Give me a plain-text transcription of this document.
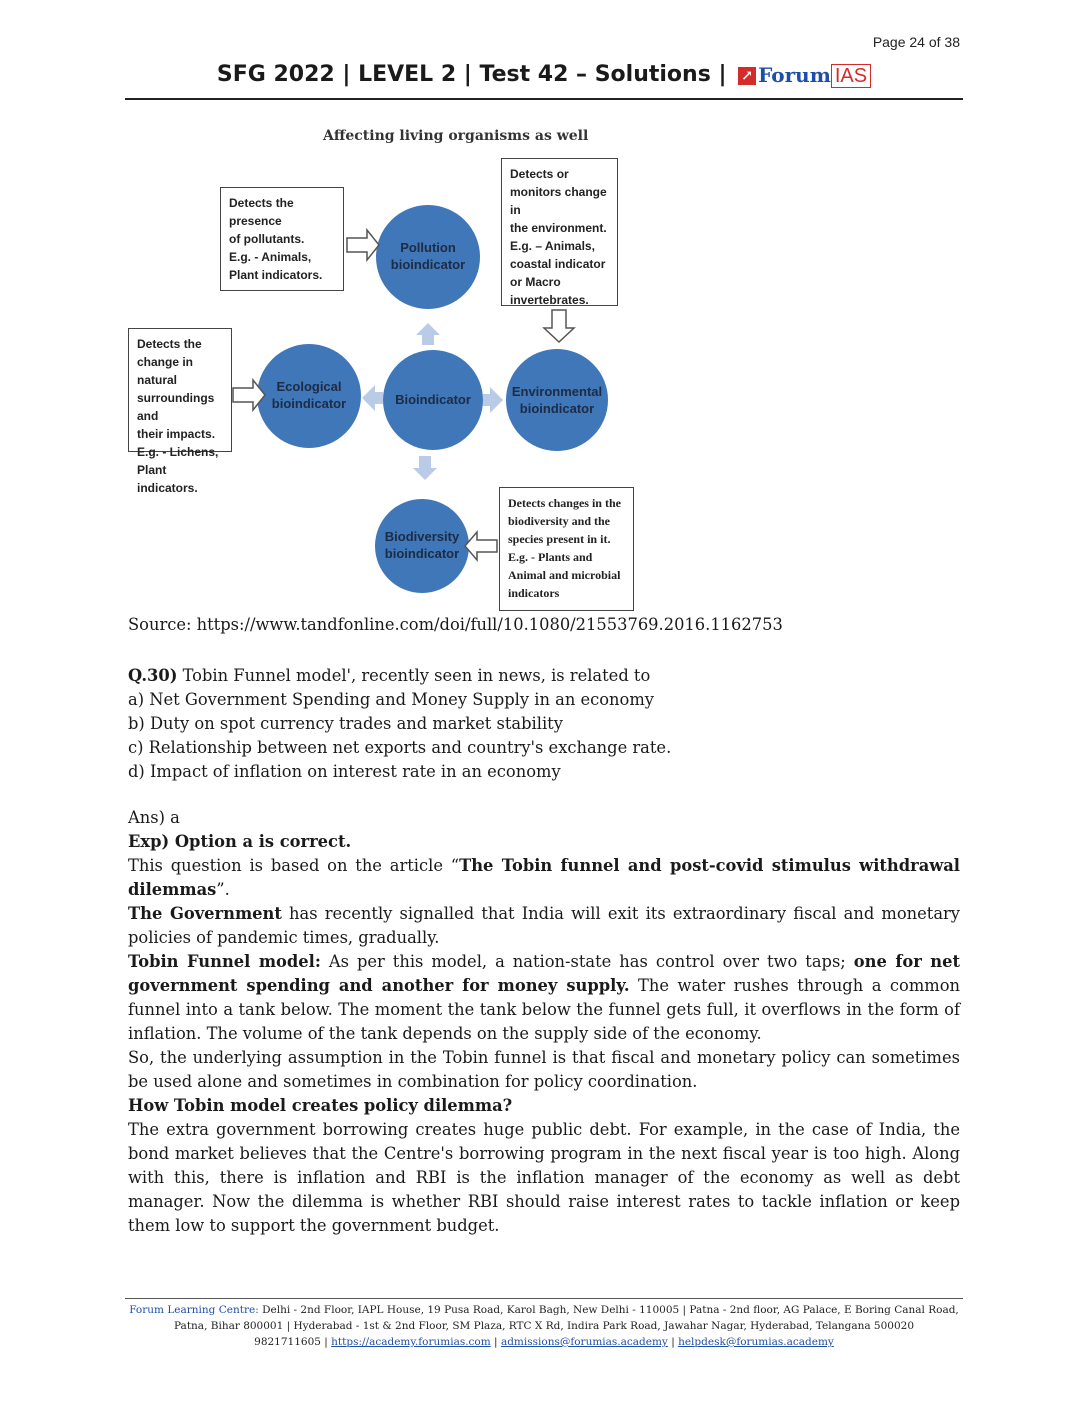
Page 24 of 38
SFG 2022 | LEVEL 2 | Test 42 – Solutions | ↗ Forum IAS
Affecting living organisms as well
Detects the presence
of pollutants.
E.g. - Animals,
Plant indicators.
Detects or
monitors change in
the environment.
E.g. – Animals,
coastal indicator
or Macro
invertebrates.
Detects the
change in natural
surroundings and
their impacts.
E.g. - Lichens,
Plant indicators.
Detects changes in the
biodiversity and the
species present in it.
E.g. - Plants and
Animal and microbial
indicators
Pollution
bioindicator
Ecological
bioindicator	Bioindicator
Environmental
bioindicator
Biodiversity
bioindicator
Source: https://www.tandfonline.com/doi/full/10.1080/21553769.2016.1162753

Q.30) Tobin Funnel model', recently seen in news, is related to

a) Net Government Spending and Money Supply in an economy

b) Duty on spot currency trades and market stability

c) Relationship between net exports and country's exchange rate.

d) Impact of inflation on interest rate in an economy

Ans) a

Exp) Option a is correct.

This question is based on the article “The Tobin funnel and post-covid stimulus withdrawal dilemmas”.

The Government has recently signalled that India will exit its extraordinary fiscal and monetary policies of pandemic times, gradually.

Tobin Funnel model: As per this model, a nation-state has control over two taps; one for net government spending and another for money supply. The water rushes through a common funnel into a tank below. The moment the tank below the funnel gets full, it overflows in the form of inflation. The volume of the tank depends on the supply side of the economy.

So, the underlying assumption in the Tobin funnel is that fiscal and monetary policy can sometimes be used alone and sometimes in combination for policy coordination.

How Tobin model creates policy dilemma?

The extra government borrowing creates huge public debt. For example, in the case of India, the bond market believes that the Centre's borrowing program in the next fiscal year is too high. Along with this, there is inflation and RBI is the inflation manager of the economy as well as debt manager. Now the dilemma is whether RBI should raise interest rates to tackle inflation or keep them low to support the government budget.

Forum Learning Centre: Delhi - 2nd Floor, IAPL House, 19 Pusa Road, Karol Bagh, New Delhi - 110005 | Patna - 2nd floor, AG Palace, E Boring Canal Road,
Patna, Bihar 800001 | Hyderabad - 1st & 2nd Floor, SM Plaza, RTC X Rd, Indira Park Road, Jawahar Nagar, Hyderabad, Telangana 500020
9821711605 | https://academy.forumias.com | admissions@forumias.academy | helpdesk@forumias.academy
